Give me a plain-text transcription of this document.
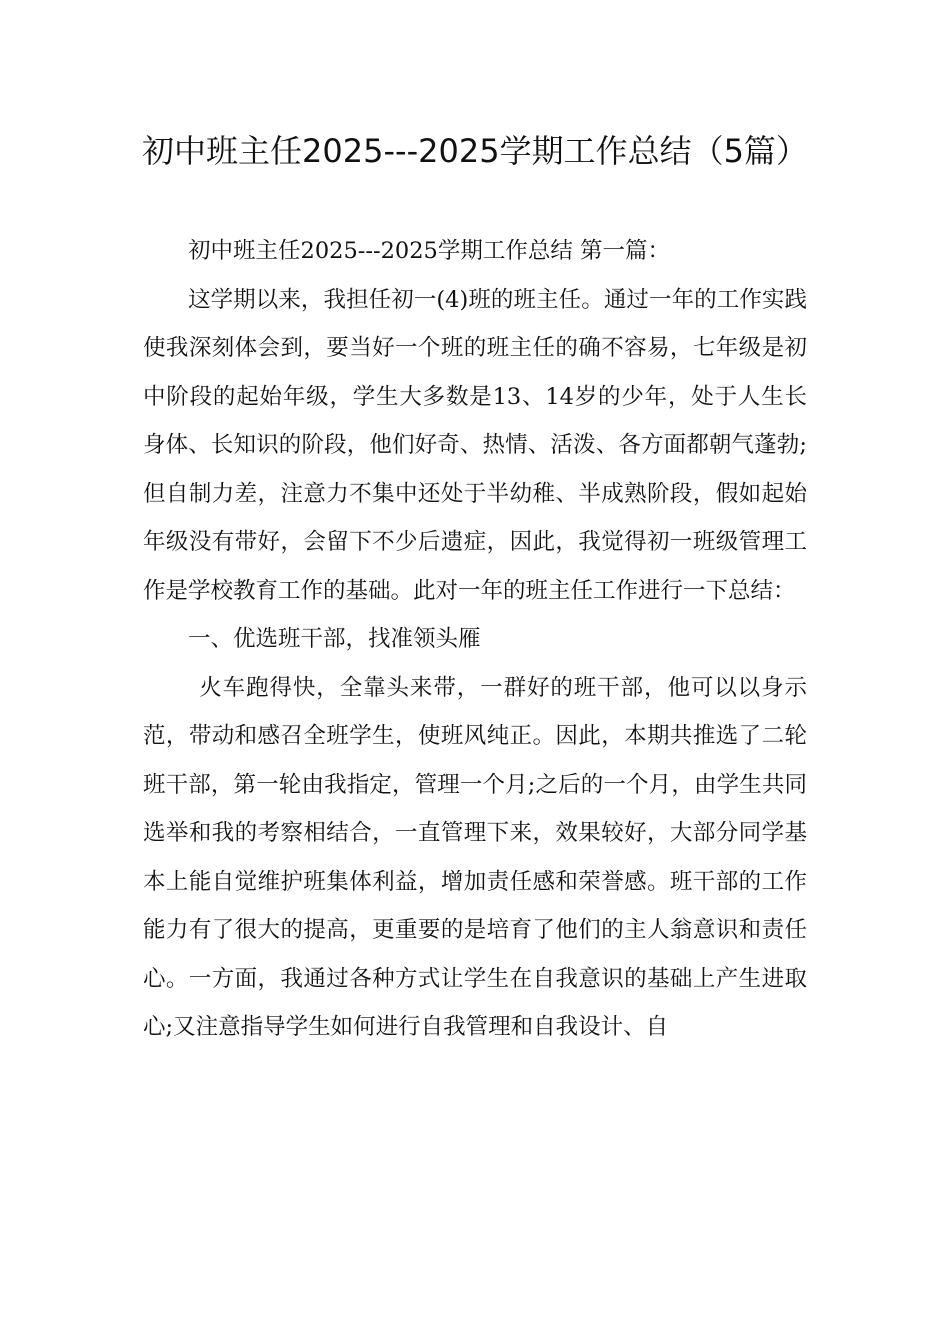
初中班主任2025---2025学期工作总结（5篇）

初中班主任2025---2025学期工作总结 第一篇：

这学期以来，我担任初一(4)班的班主任。通过一年的工作实践使我深刻体会到，要当好一个班的班主任的确不容易，七年级是初中阶段的起始年级，学生大多数是13、14岁的少年，处于人生长身体、长知识的阶段，他们好奇、热情、活泼、各方面都朝气蓬勃;但自制力差，注意力不集中还处于半幼稚、半成熟阶段，假如起始年级没有带好，会留下不少后遗症，因此，我觉得初一班级管理工作是学校教育工作的基础。此对一年的班主任工作进行一下总结：

一、优选班干部，找准领头雁

火车跑得快，全靠头来带，一群好的班干部，他可以以身示范，带动和感召全班学生，使班风纯正。因此，本期共推选了二轮班干部，第一轮由我指定，管理一个月;之后的一个月，由学生共同选举和我的考察相结合，一直管理下来，效果较好，大部分同学基本上能自觉维护班集体利益，增加责任感和荣誉感。班干部的工作能力有了很大的提高，更重要的是培育了他们的主人翁意识和责任心。一方面，我通过各种方式让学生在自我意识的基础上产生进取心;又注意指导学生如何进行自我管理和自我设计、自
